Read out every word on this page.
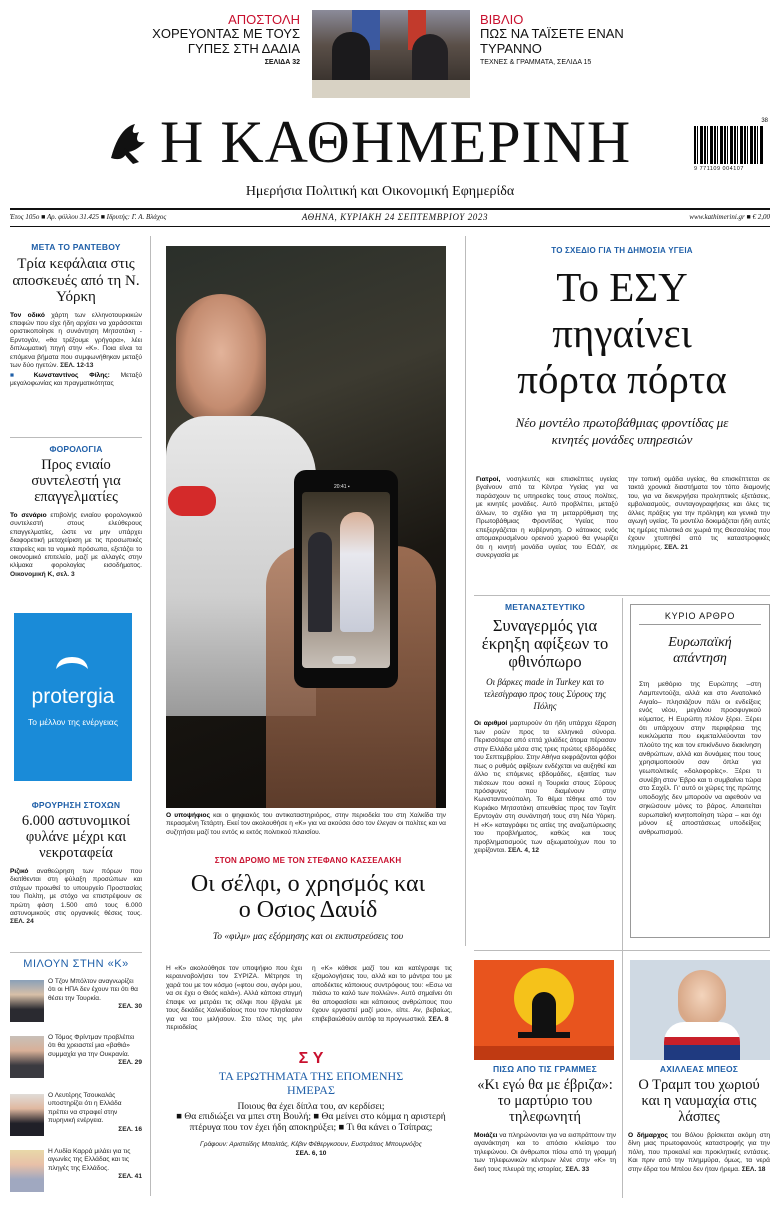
ΑΠΟΣΤΟΛΗ
ΧΟΡΕΥΟΝΤΑΣ ΜΕ ΤΟΥΣ ΓΥΠΕΣ ΣΤΗ ΔΑΔΙΑ
ΣΕΛΙΔΑ 32
ΒΙΒΛΙΟ
ΠΩΣ ΝΑ ΤΑΪΣΕΤΕ ΕΝΑΝ ΤΥΡΑΝΝΟ
ΤΕΧΝΕΣ & ΓΡΑΜΜΑΤΑ, ΣΕΛΙΔΑ 15
Η ΚΑΘΗΜΕΡΙΝΗ	38
9 771109 004107
Ημερήσια Πολιτική και Οικονομική Εφημερίδα
Έτος 105ο ■ Αρ. φύλλου 31.425 ■ Ιδρυτής: Γ. Α. Βλάχος	ΑΘΗΝΑ, ΚΥΡΙΑΚΗ 24 ΣΕΠΤΕΜΒΡΙΟΥ 2023	www.kathimerini.gr ■ € 2,00
ΜΕΤΑ ΤΟ ΡΑΝΤΕΒΟΥ
Τρία κεφάλαια στις αποσκευές από τη Ν. Υόρκη
Τον οδικό χάρτη των ελληνοτουρκικών επαφών που είχε ήδη αρχίσει να χαράσσεται οριστικοποίησε η συνάντηση Μητσοτάκη - Ερντογάν, «θα τρέξουμε γρήγορα», λέει διπλωματική πηγή στην «Κ». Ποια είναι τα επόμενα βήματα που συμφωνήθηκαν μεταξύ των δύο ηγετών. ΣΕΛ. 12-13
■ Κωνσταντίνος Φίλης: Μεταξύ μεγαλοφωνίας και πραγματικότητας
ΦΟΡΟΛΟΓΙΑ
Προς ενιαίο συντελεστή για επαγγελματίες
Το σενάριο επιβολής ενιαίου φορολογικού συντελεστή στους ελεύθερους επαγγελματίες, ώστε να μην υπάρχει διαφορετική μεταχείριση με τις προσωπικές εταιρείες και τα νομικά πρόσωπα, εξετάζει το οικονομικό επιτελείο, μαζί με αλλαγές στην κλίμακα φορολογίας εισοδήματος. Οικονομική Κ, σελ. 3
protergia
Το μέλλον της ενέργειας
ΦΡΟΥΡΗΣΗ ΣΤΟΧΩΝ
6.000 αστυνομικοί φυλάνε μέχρι και νεκροταφεία
Ριζικό αναθεώρηση των πόρων που διατίθενται στη φύλαξη προσώπων και στόχων προωθεί το υπουργείο Προστασίας του Πολίτη, με στόχο να επιστρέψουν σε πρώτη φάση 1.500 από τους 6.000 αστυνομικούς στις οργανικές θέσεις τους. ΣΕΛ. 24
ΜΙΛΟΥΝ ΣΤΗΝ «Κ»
Ο Τζον Μπόλτον αναγνωρίζει ότι οι ΗΠΑ δεν έχουν πει ότι θα θέσει την Τουρκία.
ΣΕΛ. 30
Ο Τόμος Φρίντμαν προβλέπει ότι θα χρειαστεί μια «βαθιά» συμμαχία για την Ουκρανία.
ΣΕΛ. 29
Ο Λευτέρης Τσουκαλάς υποστηρίζει ότι η Ελλάδα πρέπει να στραφεί στην πυρηνική ενέργεια.
ΣΕΛ. 16
Η Λυδία Καρρά μιλάει για τις αγωνίες της Ελλάδας και τις πληγές της Ελλάδος.
ΣΕΛ. 41
20:41 ▪
Ο υποψήφιος και ο ψηφιακός του αντικαταστηριόρος, στην περιοδεία του στη Χαλκίδα την περασμένη Τετάρτη. Εκεί τον ακολουθήσε η «Κ» για να ακούσει όσο τον έλεγαν οι πολίτες και να συζητήσει μαζί του εντός κι εκτός πολιτικού πλαισίου.
ΣΤΟΝ ΔΡΟΜΟ ΜΕ ΤΟΝ ΣΤΕΦΑΝΟ ΚΑΣΣΕΛΑΚΗ
Οι σέλφι, ο χρησμός και ο Οσιος Δαυίδ
Το «φιλμ» μας εξόρμησης και οι εκπυστρεύσεις του
Η «Κ» ακολούθησε τον υποψήφιο που έχει κεραυνοβολήσει τον ΣΥΡΙΖΑ. Μέτρησε τη χαρά του με τον κόσμο («φτου σου, αγόρι μου, να σε έχει ο Θεός καλά»). Αλλά κάποια στιγμή έπαψε να μετράει τις σέλφι που έβγαλε με τους δεκάδες Χαλκιδαίους που τον πλησίασαν για να του μιλήσουν. Στο τέλος της μίνι περιοδείας
η «Κ» κάθισε μαζί του και κατέγραψε τις εξομολογήσεις του, αλλά και το μάντρα του με αποδέκτες κάποιους συντρόφους του: «Εσω να πιάσω το καλό των πολλών». Αυτό σημαίνει ότι θα αποφασίσει και κάποιους ανθρώπους που έχουν εργαστεί μαζί μου», είπε. Αν, βεβαίως, επιβεβαιώθούν αυτόφ τα προγνωστικά. ΣΕΛ. 8
Σ Y
ΤΑ ΕΡΩΤΗΜΑΤΑ ΤΗΣ ΕΠΟΜΕΝΗΣ ΗΜΕΡΑΣ
Ποιους θα έχει δίπλα του, αν κερδίσει;
■ Θα επιδιώξει να μπει στη Βουλή; ■ Θα μείνει στο κόμμα η αριστερή πτέρυγα που τον έχει ήδη αποκηρύξει; ■ Τι θα κάνει ο Τσίπρας;
Γράφουν: Αριστείδης Μπαλτάς, Κέβιν Φέθεργκσουν, Ευστράτιος Μπουρνόζος
ΣΕΛ. 6, 10
ΤΟ ΣΧΕΔΙΟ ΓΙΑ ΤΗ ΔΗΜΟΣΙΑ ΥΓΕΙΑ
Το ΕΣΥ πηγαίνει πόρτα πόρτα
Νέο μοντέλο πρωτοβάθμιας φροντίδας με κινητές μονάδες υπηρεσιών
Γιατροί, νοσηλευτές και επισκέπτες υγείας βγαίνουν από τα Κέντρα Υγείας για να παράσχουν τις υπηρεσίες τους στους πολίτες, με κινητές μονάδες. Αυτό προβλέπει, μεταξύ άλλων, το σχέδιο για τη μεταρρύθμιση της Πρωτοβάθμιας Φροντίδας Υγείας που επεξεργάζεται η κυβέρνηση. Ο κάτοικος ενός απομακρυσμένου ορεινού χωριού θα γνωρίζει ότι η κινητή μονάδα υγείας του ΕΟΔΥ, σε συνεργασία με
την τοπική ομάδα υγείας, θα επισκέπτεται σε τακτά χρονικά διαστήματα τον τόπο διαμονής του, για να διενεργήσει προληπτικές εξετάσεις, εμβολιασμούς, συνταγογραφήσεις και όλες τις άλλες πράξεις για την πρόληψη και γενικά την αγωγή υγείας. Το μοντέλο δοκιμάζεται ήδη αυτές τις ημέρες πιλοτικά σε χωριά της Θεσσαλίας που έχουν χτυπηθεί από τις καταστροφικές πλημμύρες. ΣΕΛ. 21
ΜΕΤΑΝΑΣΤΕΥΤΙΚΟ
Συναγερμός για έκρηξη αφίξεων το φθινόπωρο
Οι βάρκες made in Turkey και το τελεσίγραφο προς τους Σύρους της Πόλης
Οι αριθμοί μαρτυρούν ότι ήδη υπάρχει έξαρση των ροών προς τα ελληνικά σύνορα. Περισσότερα από επτά χιλιάδες άτομα πέρασαν στην Ελλάδα μέσα στις τρεις πρώτες εβδομάδες του Σεπτεμβρίου. Στην Αθήνα εκφράζονται φόβοι πως ο ρυθμός αφίξεων ενδέχεται να αυξηθεί και άλλο τις επόμενες εβδομάδες, εξαιτίας των πιέσεων που ασκεί η Τουρκία στους Σύρους πρόσφυγες που διαμένουν στην Κωνσταντινούπολη. Το θέμα τέθηκε από τον Κυριάκο Μητσοτάκη απευθείας προς τον Ταγίπ Ερντογάν στη συνάντησή τους στη Νέα Υόρκη. Η «Κ» καταγράφει τις αιτίες της αναζωπύρωσης του προβλήματος, καθώς και τους προβληματισμούς των αξιωματούχων που το χειρίζονται. ΣΕΛ. 4, 12
ΚΥΡΙΟ ΑΡΘΡΟ
Ευρωπαϊκή απάντηση
Στη μεθόριο της Ευρώπης –στη Λαμπεντούζα, αλλά και στο Ανατολικό Αιγαίο– πλησιάζουν πάλι οι ενδείξεις ενός νέου, μεγάλου προσφυγικού κύματος. Η Ευρώπη πλέον ξέρει. Ξέρει ότι υπάρχουν στην περιφέρεια της κυκλώματα που εκμεταλλεύονται τον πλούτο της και τον επικίνδυνο διακίνηση ανθρώπων, αλλά και δυνάμεις που τους χρησιμοποιούν σαν όπλα για γεωπολιτικές «δολοφορίες». Ξέρει τι συνέβη στον Έβρο και τι συμβαίνει τώρα στο Σαχέλ. Γι' αυτό οι χώρες της πρώτης υποδοχής δεν μπορούν να αφεθούν να σηκώσουν μόνες το βάρος. Απαιτείται ευρωπαϊκή κινητοποίηση τώρα – και όχι μόνον εξ αποστάσεως υποδείξεις ανθρωπισμού.
ΠΙΣΩ ΑΠΟ ΤΙΣ ΓΡΑΜΜΕΣ
«Κι εγώ θα με έβριζα»: το μαρτύριο του τηλεφωνητή
Μοιάζει να πληρώνονται για να εισπράττουν την αγανάκτηση και το απόσιο κλείσιμο του τηλεφώνου. Οι άνθρωποι πίσω από τη γραμμή των τηλεφωνικών κέντρων λένε στην «Κ» τη δική τους πλευρά της ιστορίας. ΣΕΛ. 33
ΑΧΙΛΛΕΑΣ ΜΠΕΟΣ
Ο Τραμπ του χωριού και η ναυμαχία στις λάσπες
Ο δήμαρχος του Βόλου βρίσκεται ακόμη στη δίνη μιας πρωτοφανούς καταστροφής για την πόλη, που προκαλεί και προκλητικές εντάσεις. Και πριν από την πλημμύρα, όμως, τα νερά στην έδρα του Μπέου δεν ήταν ήρεμα. ΣΕΛ. 18
